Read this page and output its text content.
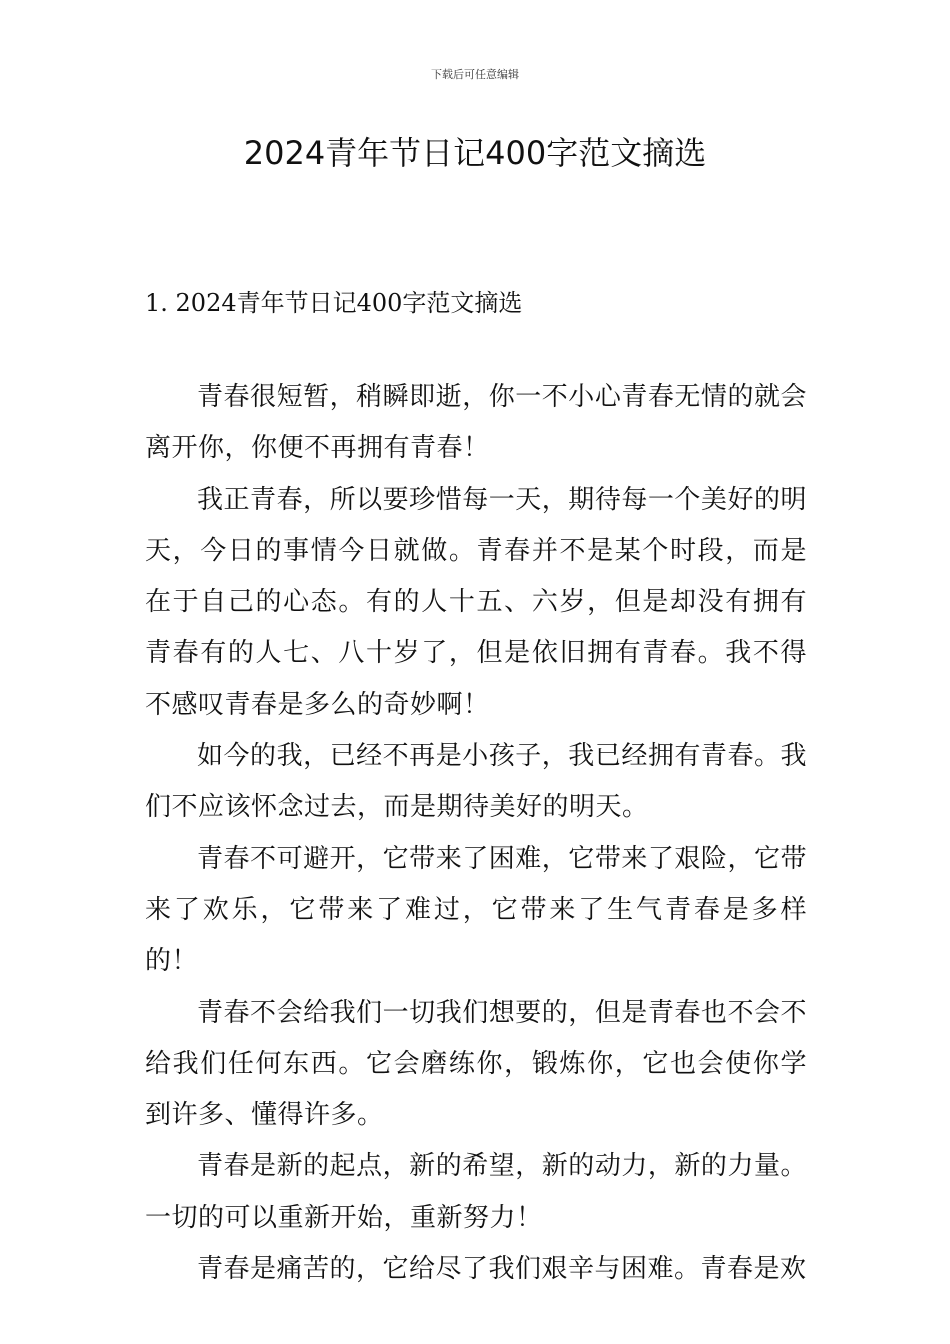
下载后可任意编辑
2024青年节日记400字范文摘选
1. 2024青年节日记400字范文摘选

青春很短暂，稍瞬即逝，你一不小心青春无情的就会离开你，你便不再拥有青春！

我正青春，所以要珍惜每一天，期待每一个美好的明天，今日的事情今日就做。青春并不是某个时段，而是在于自己的心态。有的人十五、六岁，但是却没有拥有青春有的人七、八十岁了，但是依旧拥有青春。我不得不感叹青春是多么的奇妙啊！

如今的我，已经不再是小孩子，我已经拥有青春。我们不应该怀念过去，而是期待美好的明天。

青春不可避开，它带来了困难，它带来了艰险，它带来了欢乐，它带来了难过，它带来了生气青春是多样的！

青春不会给我们一切我们想要的，但是青春也不会不给我们任何东西。它会磨练你，锻炼你，它也会使你学到许多、懂得许多。

青春是新的起点，新的希望，新的动力，新的力量。一切的可以重新开始，重新努力！

青春是痛苦的，它给尽了我们艰辛与困难。青春是欢
